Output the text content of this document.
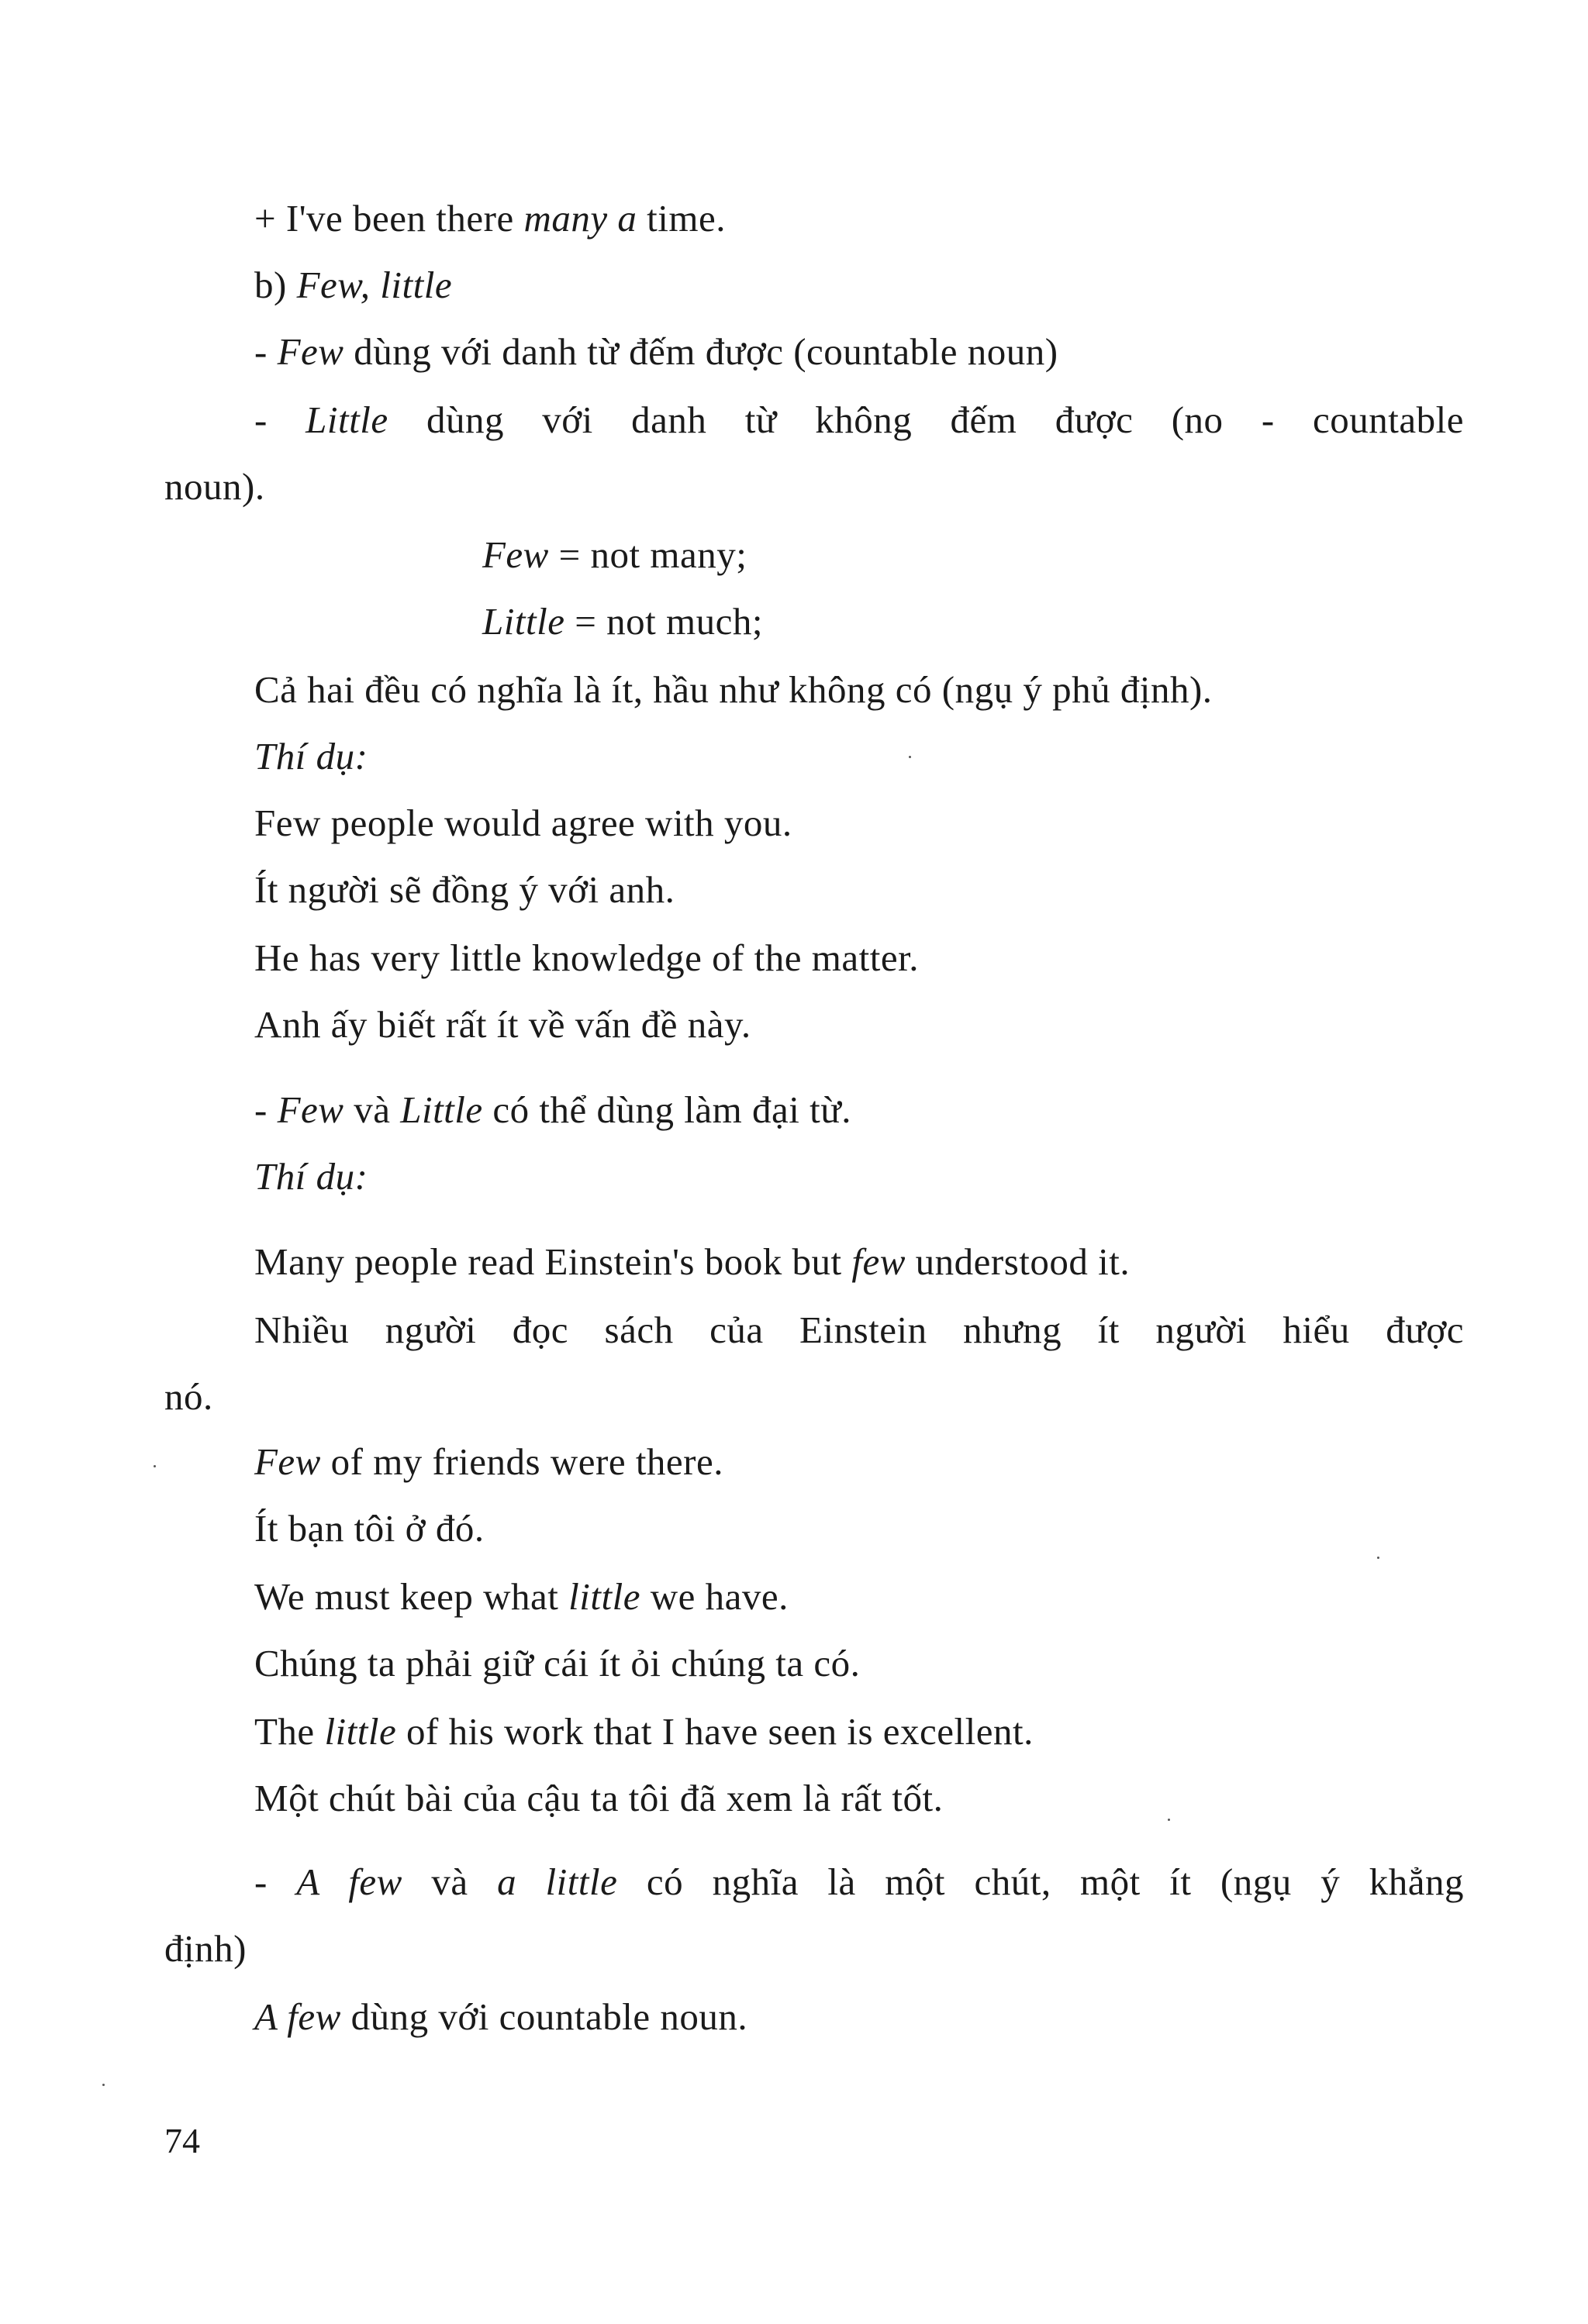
+ I've been there many a time.
b) Few, little
- Few dùng với danh từ đếm được (countable noun)
- Little dùng với danh từ không đếm được (no - countable
noun).
Few = not many;
Little = not much;
Cả hai đều có nghĩa là ít, hầu như không có (ngụ ý phủ định).
Thí dụ:
Few people would agree with you.
Ít người sẽ đồng ý với anh.
He has very little knowledge of the matter.
Anh ấy biết rất ít về vấn đề này.
- Few và Little có thể dùng làm đại từ.
Thí dụ:
Many people read Einstein's book but few understood it.
Nhiều người đọc sách của Einstein nhưng ít người hiểu được
nó.
Few of my friends were there.
Ít bạn tôi ở đó.
We must keep what little we have.
Chúng ta phải giữ cái ít ỏi chúng ta có.
The little of his work that I have seen is excellent.
Một chút bài của cậu ta tôi đã xem là rất tốt.
- A few và a little có nghĩa là một chút, một ít (ngụ ý khẳng
định)
A few dùng với countable noun.
74
